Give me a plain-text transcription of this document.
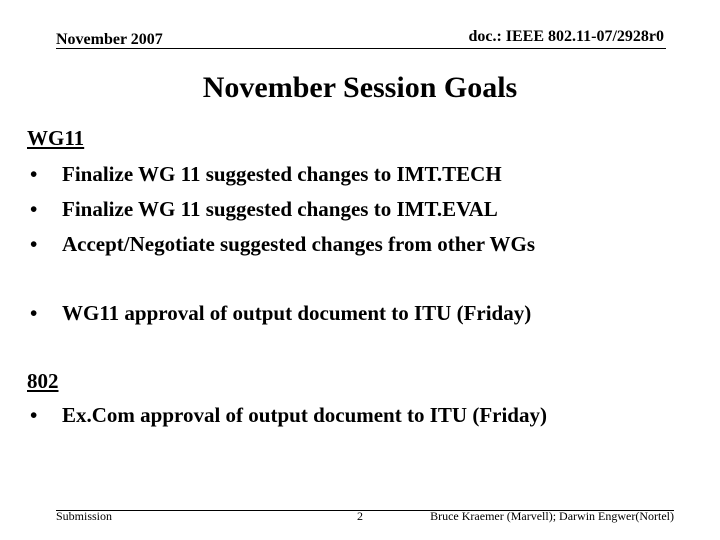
November 2007	doc.: IEEE 802.11-07/2928r0
November Session Goals
WG11
• Finalize WG 11 suggested changes to IMT.TECH
• Finalize WG 11 suggested changes to IMT.EVAL
• Accept/Negotiate suggested changes from other WGs
• WG11 approval of output document to ITU (Friday)
802
• Ex.Com approval of output document to ITU (Friday)
Submission	2	Bruce Kraemer (Marvell); Darwin Engwer(Nortel)
